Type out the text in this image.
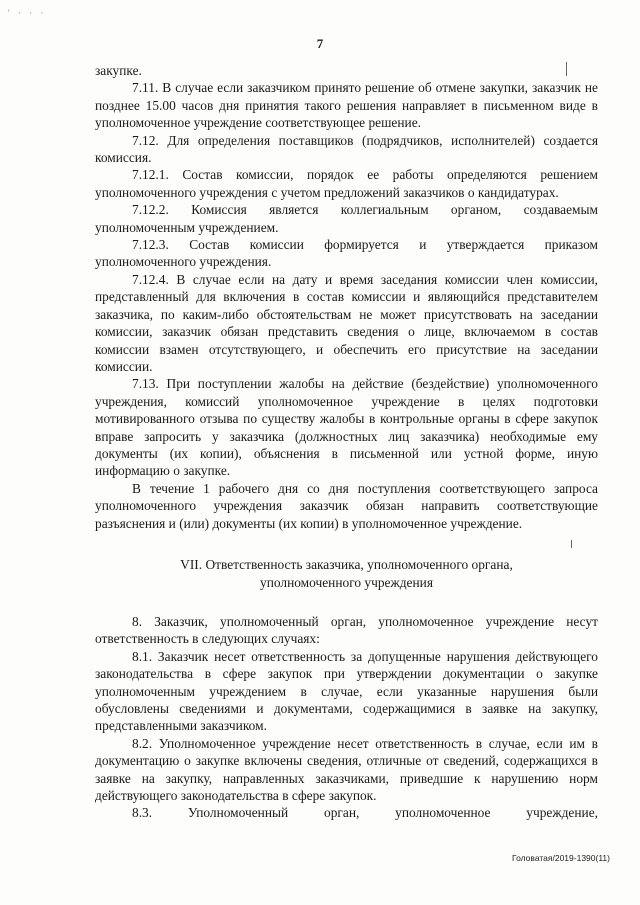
' · · ·
7

закупке.

7.11. В случае если заказчиком принято решение об отмене закупки, заказчик не позднее 15.00 часов дня принятия такого решения направляет в письменном виде в уполномоченное учреждение соответствующее решение.

7.12. Для определения поставщиков (подрядчиков, исполнителей) создается комиссия.

7.12.1. Состав комиссии, порядок ее работы определяются решением уполномоченного учреждения с учетом предложений заказчиков о кандидатурах.

7.12.2. Комиссия является коллегиальным органом, создаваемым уполномоченным учреждением.

7.12.3. Состав комиссии формируется и утверждается приказом уполномоченного учреждения.

7.12.4. В случае если на дату и время заседания комиссии член комиссии, представленный для включения в состав комиссии и являющийся представителем заказчика, по каким-либо обстоятельствам не может присутствовать на заседании комиссии, заказчик обязан представить сведения о лице, включаемом в состав комиссии взамен отсутствующего, и обеспечить его присутствие на заседании комиссии.

7.13. При поступлении жалобы на действие (бездействие) уполномоченного учреждения, комиссий уполномоченное учреждение в целях подготовки мотивированного отзыва по существу жалобы в контрольные органы в сфере закупок вправе запросить у заказчика (должностных лиц заказчика) необходимые ему документы (их копии), объяснения в письменной или устной форме, иную информацию о закупке.

В течение 1 рабочего дня со дня поступления соответствующего запроса уполномоченного учреждения заказчик обязан направить соответствующие разъяснения и (или) документы (их копии) в уполномоченное учреждение.

VII. Ответственность заказчика, уполномоченного органа,
уполномоченного учреждения

8. Заказчик, уполномоченный орган, уполномоченное учреждение несут ответственность в следующих случаях:

8.1. Заказчик несет ответственность за допущенные нарушения действующего законодательства в сфере закупок при утверждении документации о закупке уполномоченным учреждением в случае, если указанные нарушения были обусловлены сведениями и документами, содержащимися в заявке на закупку, представленными заказчиком.

8.2. Уполномоченное учреждение несет ответственность в случае, если им в документацию о закупке включены сведения, отличные от сведений, содержащихся в заявке на закупку, направленных заказчиками, приведшие к нарушению норм действующего законодательства в сфере закупок.

8.3. Уполномоченный орган, уполномоченное учреждение,

Головатая/2019-1390(11)
